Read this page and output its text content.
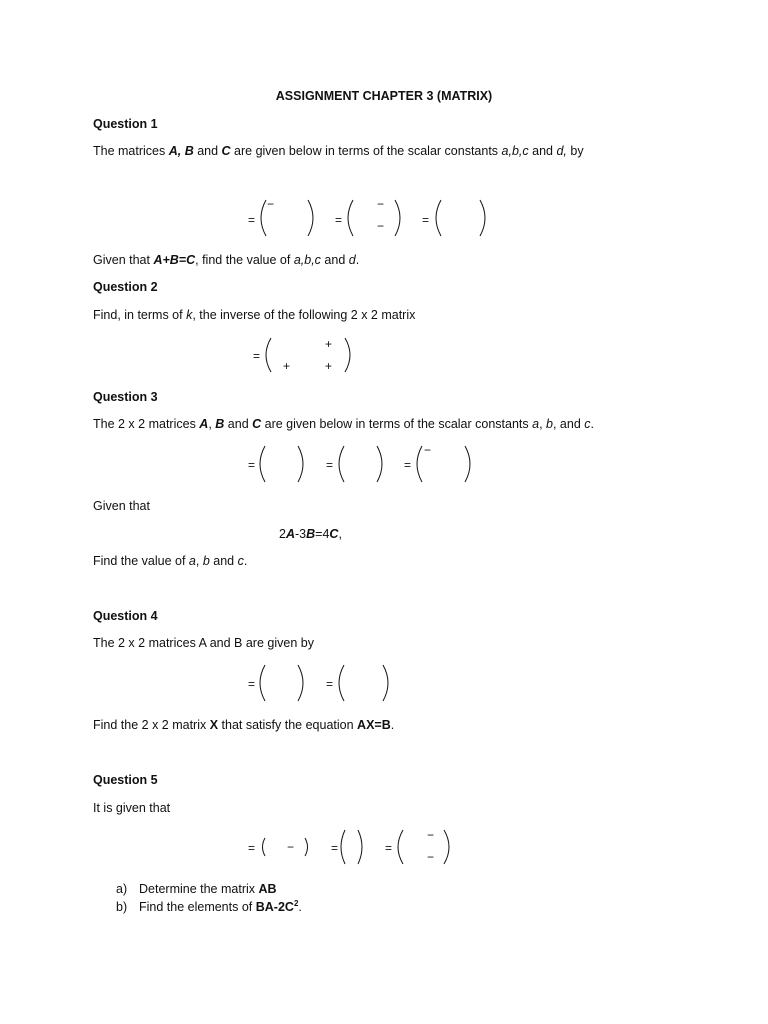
ASSIGNMENT CHAPTER 3 (MATRIX)
Question 1
The matrices A, B and C are given below in terms of the scalar constants a,b,c and d, by
=
−
=
−
−	=
Given that A+B=C, find the value of a,b,c and d.
Question 2
Find, in terms of k, the inverse of the following 2 x 2 matrix
=
+
+	+
Question 3
The 2 x 2 matrices A, B and C are given below in terms of the scalar constants a, b, and c.
=	=	=
−
Given that
2A-3B=4C,
Find the value of a, b and c.
Question 4
The 2 x 2 matrices A and B are given by
=	=
Find the 2 x 2 matrix X that satisfy the equation AX=B.
Question 5
It is given that
=	−	=	=
−
−
a) Determine the matrix AB
b) Find the elements of $BA-2C^2$.
